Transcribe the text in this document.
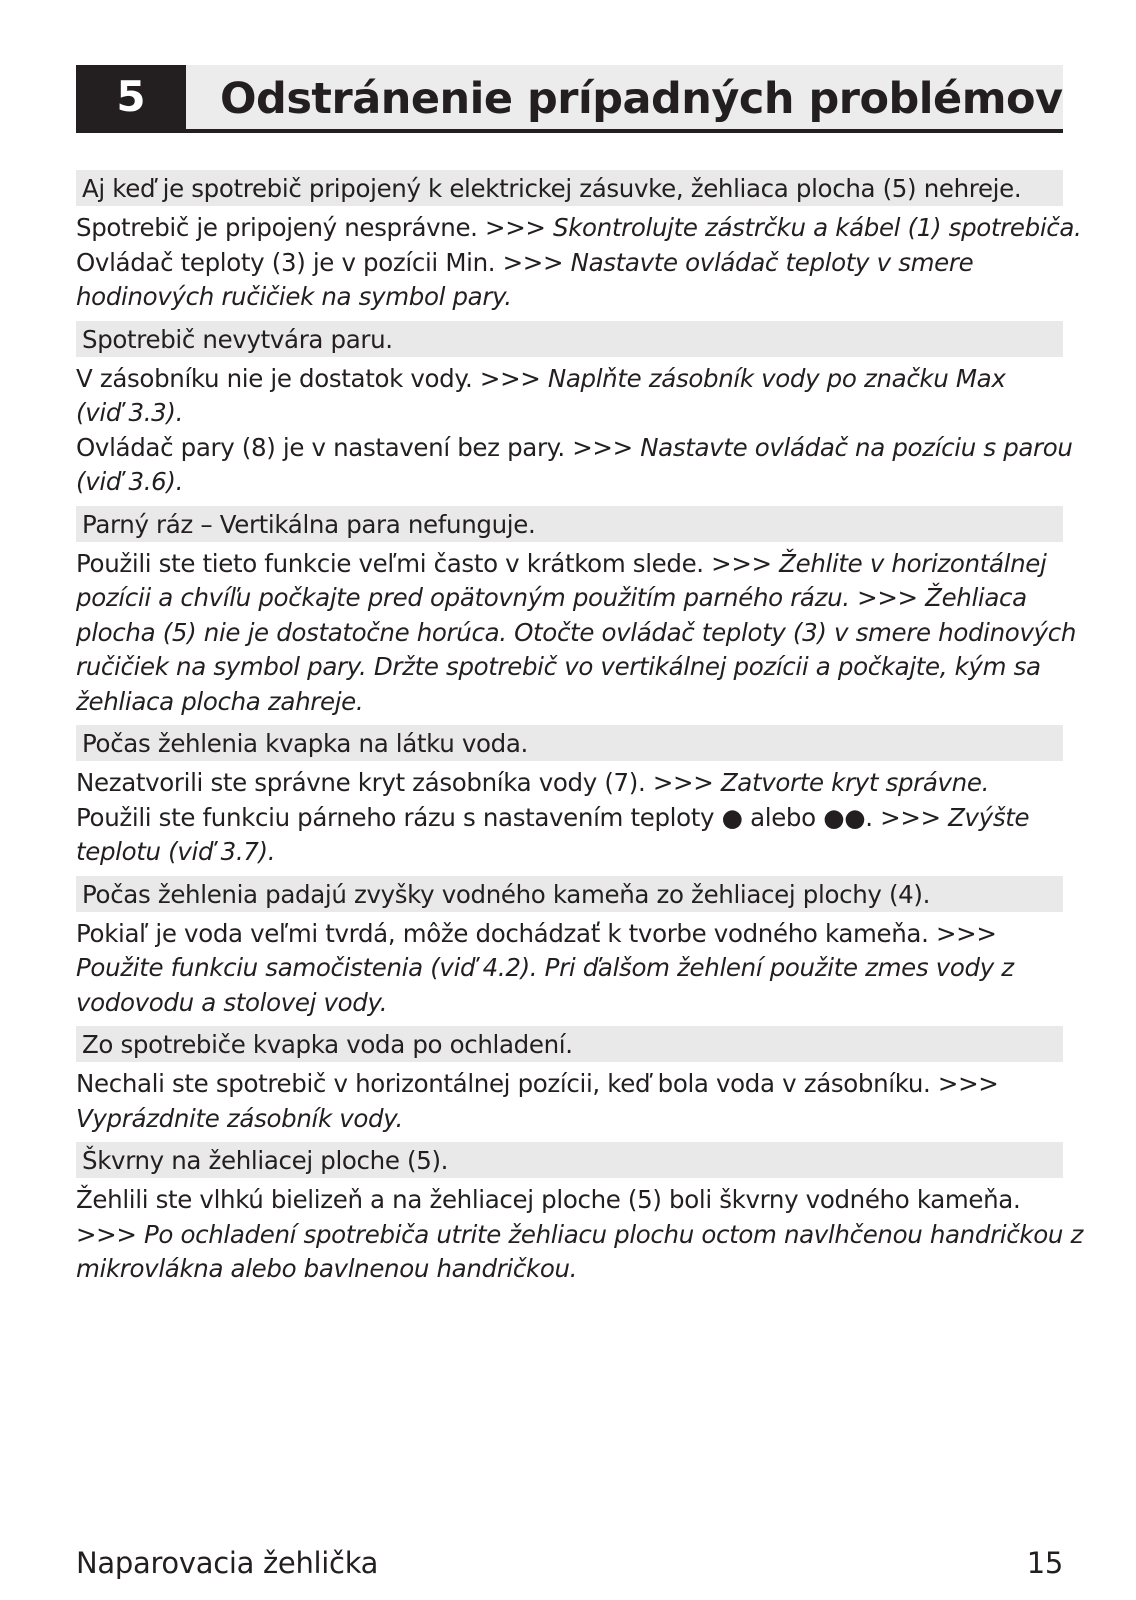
5	Odstránenie prípadných problémov
Aj keď je spotrebič pripojený k elektrickej zásuvke, žehliaca plocha (5) nehreje.
Spotrebič je pripojený nesprávne. >>> Skontrolujte zástrčku a kábel (1) spotrebiča.
Ovládač teploty (3) je v pozícii Min. >>> Nastavte ovládač teploty v smere
hodinových ručičiek na symbol pary.
Spotrebič nevytvára paru.
V zásobníku nie je dostatok vody. >>> Naplňte zásobník vody po značku Max
(viď 3.3).
Ovládač pary (8) je v nastavení bez pary. >>> Nastavte ovládač na pozíciu s parou
(viď 3.6).
Parný ráz – Vertikálna para nefunguje.
Použili ste tieto funkcie veľmi často v krátkom slede. >>> Žehlite v horizontálnej
pozícii a chvíľu počkajte pred opätovným použitím parného rázu. >>> Žehliaca
plocha (5) nie je dostatočne horúca. Otočte ovládač teploty (3) v smere hodinových
ručičiek na symbol pary. Držte spotrebič vo vertikálnej pozícii a počkajte, kým sa
žehliaca plocha zahreje.
Počas žehlenia kvapka na látku voda.
Nezatvorili ste správne kryt zásobníka vody (7). >>> Zatvorte kryt správne.
Použili ste funkciu párneho rázu s nastavením teploty ● alebo ●●. >>> Zvýšte
teplotu (viď 3.7).
Počas žehlenia padajú zvyšky vodného kameňa zo žehliacej plochy (4).
Pokiaľ je voda veľmi tvrdá, môže dochádzať k tvorbe vodného kameňa. >>>
Použite funkciu samočistenia (viď 4.2). Pri ďalšom žehlení použite zmes vody z
vodovodu a stolovej vody.
Zo spotrebiče kvapka voda po ochladení.
Nechali ste spotrebič v horizontálnej pozícii, keď bola voda v zásobníku. >>>
Vyprázdnite zásobník vody.
Škvrny na žehliacej ploche (5).
Žehlili ste vlhkú bielizeň a na žehliacej ploche (5) boli škvrny vodného kameňa.
>>> Po ochladení spotrebiča utrite žehliacu plochu octom navlhčenou handričkou z
mikrovlákna alebo bavlnenou handričkou.
Naparovacia žehlička	15
